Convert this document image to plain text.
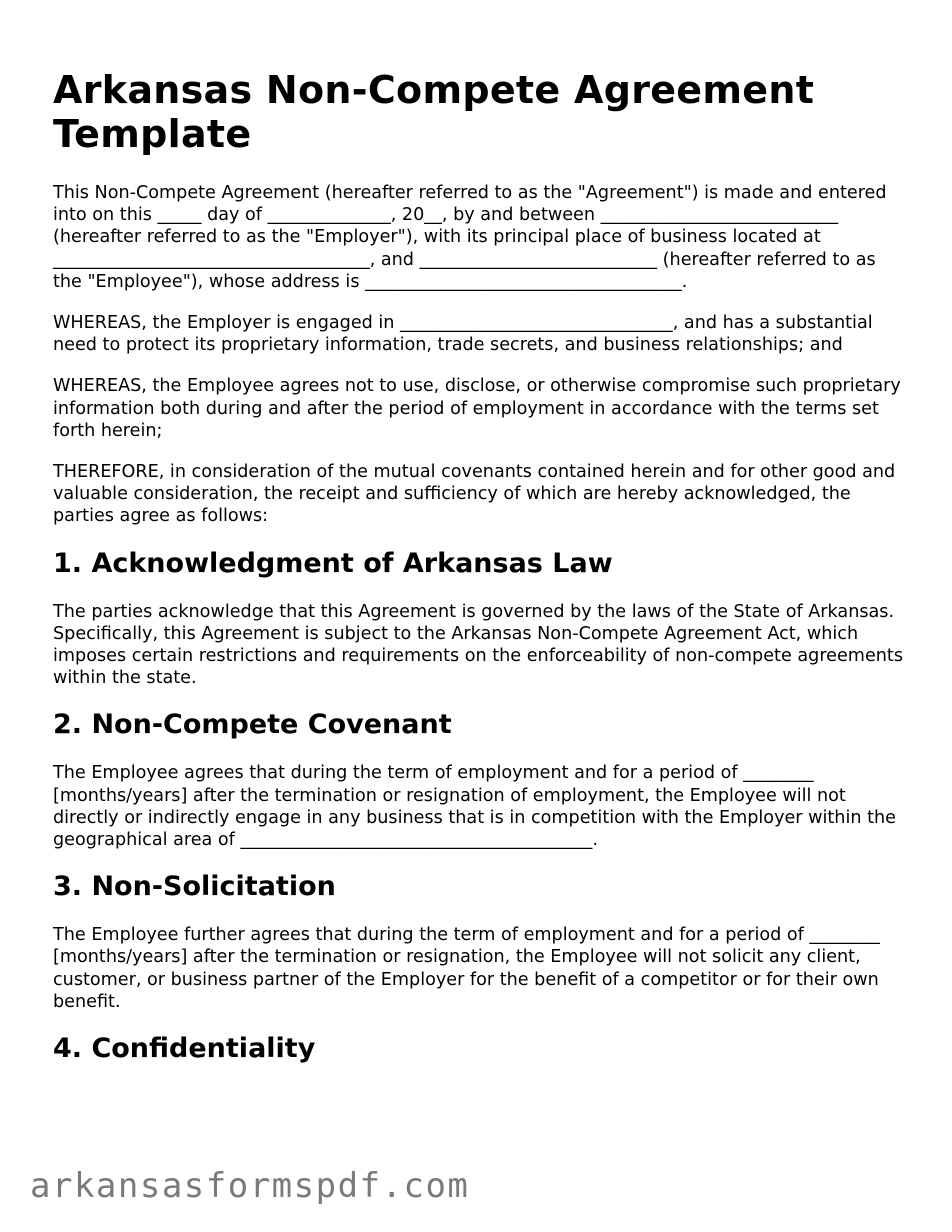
Arkansas Non-Compete Agreement Template

This Non-Compete Agreement (hereafter referred to as the "Agreement") is made and entered into on this _____ day of ______________, 20__, by and between ___________________________ (hereafter referred to as the "Employer"), with its principal place of business located at ____________________________________, and ___________________________ (hereafter referred to as the "Employee"), whose address is ____________________________________.

WHEREAS, the Employer is engaged in _______________________________, and has a substantial need to protect its proprietary information, trade secrets, and business relationships; and

WHEREAS, the Employee agrees not to use, disclose, or otherwise compromise such proprietary information both during and after the period of employment in accordance with the terms set forth herein;

THEREFORE, in consideration of the mutual covenants contained herein and for other good and valuable consideration, the receipt and sufficiency of which are hereby acknowledged, the parties agree as follows:

1. Acknowledgment of Arkansas Law

The parties acknowledge that this Agreement is governed by the laws of the State of Arkansas. Specifically, this Agreement is subject to the Arkansas Non-Compete Agreement Act, which imposes certain restrictions and requirements on the enforceability of non-compete agreements within the state.

2. Non-Compete Covenant

The Employee agrees that during the term of employment and for a period of ________ [months/years] after the termination or resignation of employment, the Employee will not directly or indirectly engage in any business that is in competition with the Employer within the geographical area of ________________________________________.

3. Non-Solicitation

The Employee further agrees that during the term of employment and for a period of ________ [months/years] after the termination or resignation, the Employee will not solicit any client, customer, or business partner of the Employer for the benefit of a competitor or for their own benefit.

4. Confidentiality
arkansasformspdf.com
